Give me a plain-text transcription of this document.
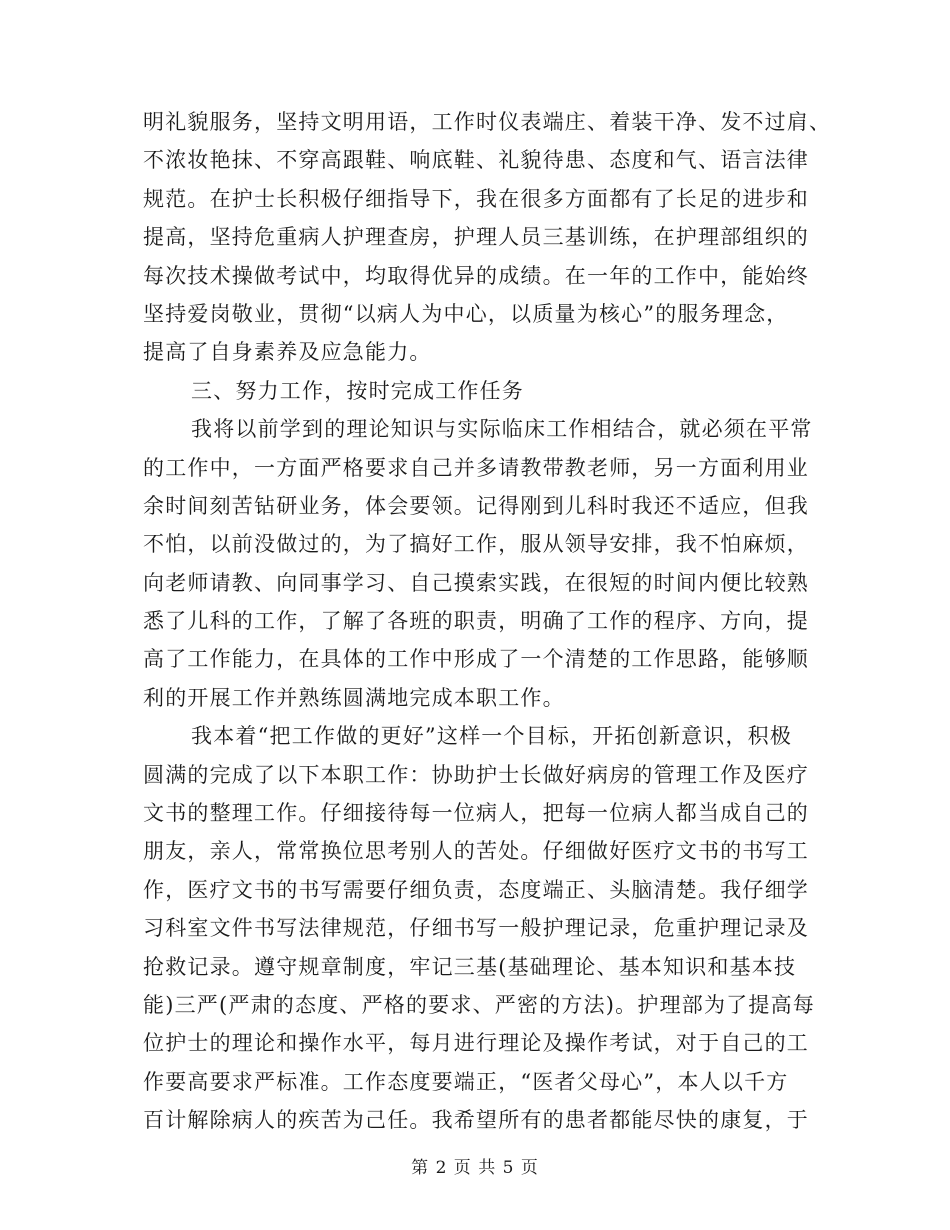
明礼貌服务，坚持文明用语，工作时仪表端庄、着装干净、发不过肩、
不浓妆艳抹、不穿高跟鞋、响底鞋、礼貌待患、态度和气、语言法律
规范。在护士长积极仔细指导下，我在很多方面都有了长足的进步和
提高，坚持危重病人护理查房，护理人员三基训练，在护理部组织的
每次技术操做考试中，均取得优异的成绩。在一年的工作中，能始终
坚持爱岗敬业，贯彻“以病人为中心，以质量为核心”的服务理念，
提高了自身素养及应急能力。
三、努力工作，按时完成工作任务
我将以前学到的理论知识与实际临床工作相结合，就必须在平常
的工作中，一方面严格要求自己并多请教带教老师，另一方面利用业
余时间刻苦钻研业务，体会要领。记得刚到儿科时我还不适应，但我
不怕，以前没做过的，为了搞好工作，服从领导安排，我不怕麻烦，
向老师请教、向同事学习、自己摸索实践，在很短的时间内便比较熟
悉了儿科的工作，了解了各班的职责，明确了工作的程序、方向，提
高了工作能力，在具体的工作中形成了一个清楚的工作思路，能够顺
利的开展工作并熟练圆满地完成本职工作。
我本着“把工作做的更好”这样一个目标，开拓创新意识，积极
圆满的完成了以下本职工作：协助护士长做好病房的管理工作及医疗
文书的整理工作。仔细接待每一位病人，把每一位病人都当成自己的
朋友，亲人，常常换位思考别人的苦处。仔细做好医疗文书的书写工
作，医疗文书的书写需要仔细负责，态度端正、头脑清楚。我仔细学
习科室文件书写法律规范，仔细书写一般护理记录，危重护理记录及
抢救记录。遵守规章制度，牢记三基(基础理论、基本知识和基本技
能)三严(严肃的态度、严格的要求、严密的方法)。护理部为了提高每
位护士的理论和操作水平，每月进行理论及操作考试，对于自己的工
作要高要求严标准。工作态度要端正，“医者父母心”，本人以千方
百计解除病人的疾苦为己任。我希望所有的患者都能尽快的康复，于
第 2 页 共 5 页
